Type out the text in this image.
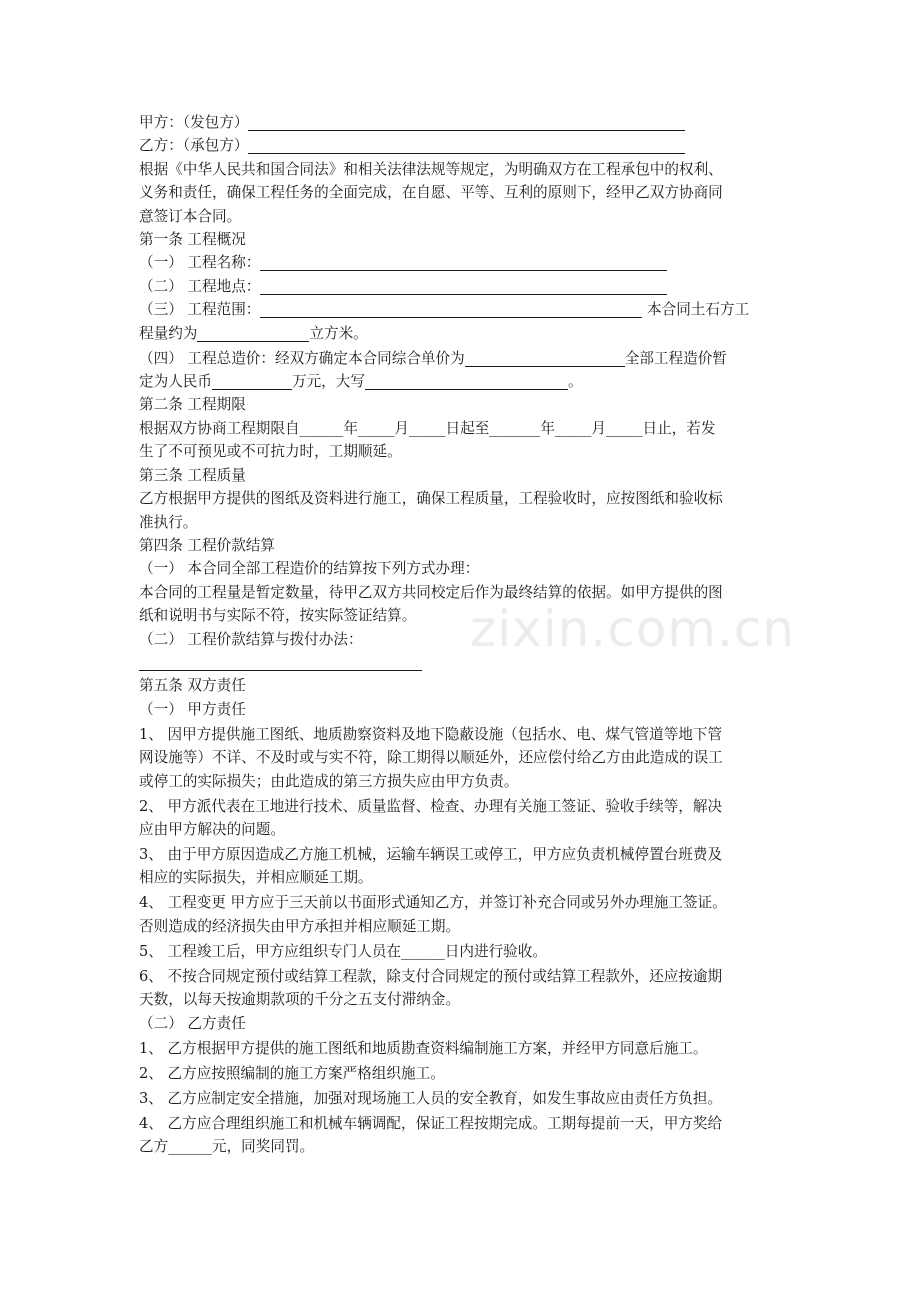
zixin.com.cn
甲方：（发包方）
乙方：（承包方）
根据《中华人民共和国合同法》和相关法律法规等规定，为明确双方在工程承包中的权利、
义务和责任，确保工程任务的全面完成，在自愿、平等、互利的原则下，经甲乙双方协商同
意签订本合同。
第一条 工程概况
（一） 工程名称：
（二） 工程地点：
（三） 工程范围：	本合同土石方工
程量约为	立方米。
（四） 工程总造价：经双方确定本合同综合单价为	全部工程造价暂
定为人民币	万元，大写	。
第二条 工程期限
根据双方协商工程期限自______年_____月_____日起至_______年_____月_____日止，若发
生了不可预见或不可抗力时，工期顺延。
第三条 工程质量
乙方根据甲方提供的图纸及资料进行施工，确保工程质量，工程验收时，应按图纸和验收标
准执行。
第四条 工程价款结算
（一） 本合同全部工程造价的结算按下列方式办理：
本合同的工程量是暂定数量，待甲乙双方共同校定后作为最终结算的依据。如甲方提供的图
纸和说明书与实际不符，按实际签证结算。
（二） 工程价款结算与拨付办法：
第五条 双方责任
（一） 甲方责任
1、 因甲方提供施工图纸、地质勘察资料及地下隐蔽设施（包括水、电、煤气管道等地下管
网设施等）不详、不及时或与实不符，除工期得以顺延外，还应偿付给乙方由此造成的误工
或停工的实际损失；由此造成的第三方损失应由甲方负责。
2、 甲方派代表在工地进行技术、质量监督、检查、办理有关施工签证、验收手续等，解决
应由甲方解决的问题。
3、 由于甲方原因造成乙方施工机械，运输车辆误工或停工，甲方应负责机械停置台班费及
相应的实际损失，并相应顺延工期。
4、 工程变更 甲方应于三天前以书面形式通知乙方，并签订补充合同或另外办理施工签证。
否则造成的经济损失由甲方承担并相应顺延工期。
5、 工程竣工后，甲方应组织专门人员在______日内进行验收。
6、 不按合同规定预付或结算工程款，除支付合同规定的预付或结算工程款外，还应按逾期
天数，以每天按逾期款项的千分之五支付滞纳金。
（二） 乙方责任
1、 乙方根据甲方提供的施工图纸和地质勘查资料编制施工方案，并经甲方同意后施工。
2、 乙方应按照编制的施工方案严格组织施工。
3、 乙方应制定安全措施，加强对现场施工人员的安全教育，如发生事故应由责任方负担。
4、 乙方应合理组织施工和机械车辆调配，保证工程按期完成。工期每提前一天，甲方奖给
乙方______元，同奖同罚。
